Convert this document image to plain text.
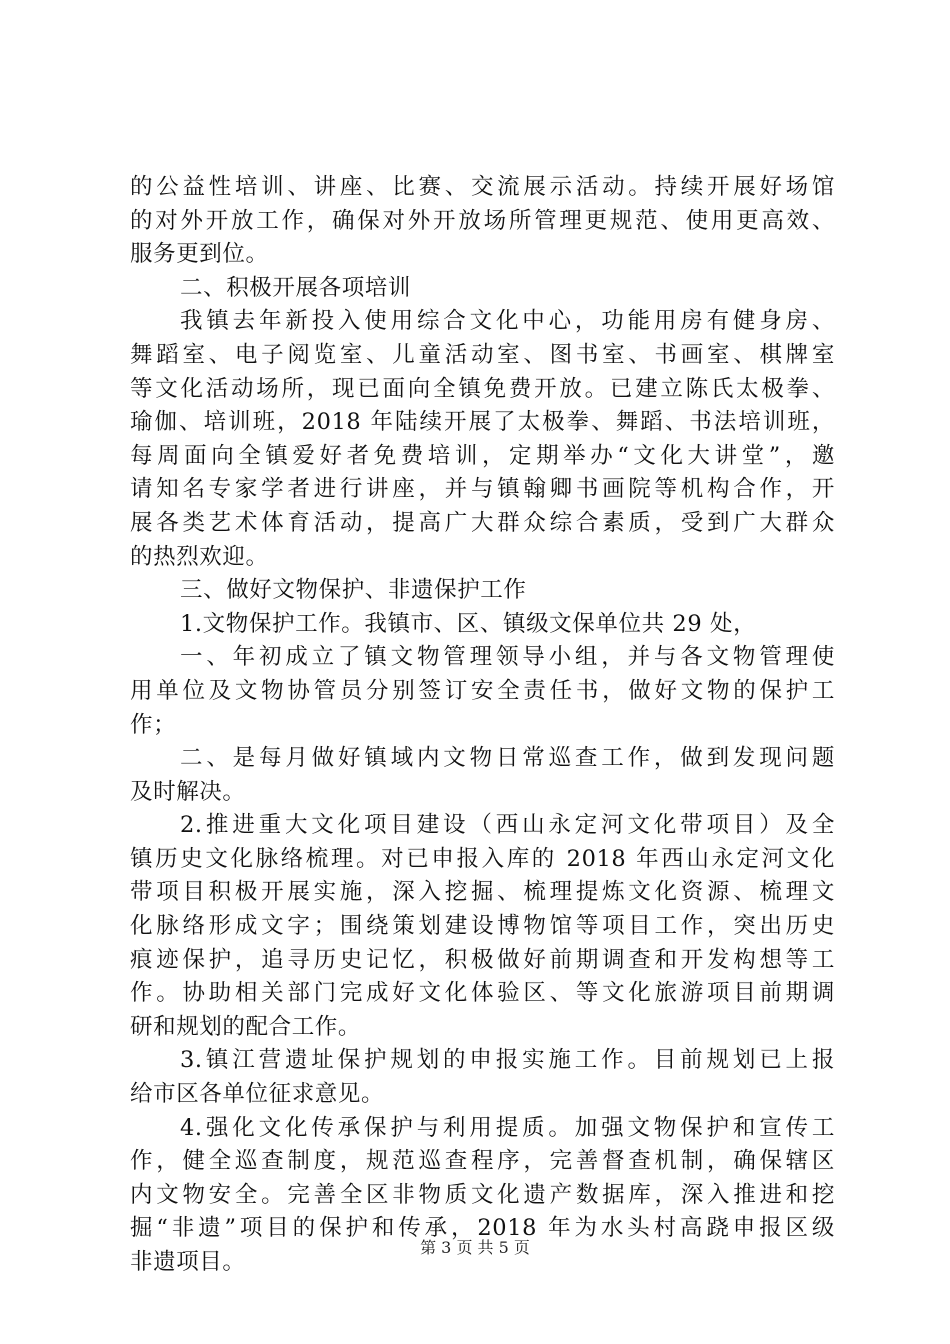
的公益性培训、讲座、比赛、交流展示活动。持续开展好场馆
的对外开放工作，确保对外开放场所管理更规范、使用更高效、
服务更到位。
二、积极开展各项培训
我镇去年新投入使用综合文化中心，功能用房有健身房、
舞蹈室、电子阅览室、儿童活动室、图书室、书画室、棋牌室
等文化活动场所，现已面向全镇免费开放。已建立陈氏太极拳、
瑜伽、培训班，2018 年陆续开展了太极拳、舞蹈、书法培训班，
每周面向全镇爱好者免费培训，定期举办“文化大讲堂”，邀
请知名专家学者进行讲座，并与镇翰卿书画院等机构合作，开
展各类艺术体育活动，提高广大群众综合素质，受到广大群众
的热烈欢迎。
三、做好文物保护、非遗保护工作
1.文物保护工作。我镇市、区、镇级文保单位共 29 处，
一、年初成立了镇文物管理领导小组，并与各文物管理使
用单位及文物协管员分别签订安全责任书，做好文物的保护工
作；
二、是每月做好镇域内文物日常巡查工作，做到发现问题
及时解决。
2.推进重大文化项目建设（西山永定河文化带项目）及全
镇历史文化脉络梳理。对已申报入库的 2018 年西山永定河文化
带项目积极开展实施，深入挖掘、梳理提炼文化资源、梳理文
化脉络形成文字；围绕策划建设博物馆等项目工作，突出历史
痕迹保护，追寻历史记忆，积极做好前期调查和开发构想等工
作。协助相关部门完成好文化体验区、等文化旅游项目前期调
研和规划的配合工作。
3.镇江营遗址保护规划的申报实施工作。目前规划已上报
给市区各单位征求意见。
4.强化文化传承保护与利用提质。加强文物保护和宣传工
作，健全巡查制度，规范巡查程序，完善督查机制，确保辖区
内文物安全。完善全区非物质文化遗产数据库，深入推进和挖
掘“非遗”项目的保护和传承，2018 年为水头村高跷申报区级
非遗项目。
第 3 页 共 5 页
